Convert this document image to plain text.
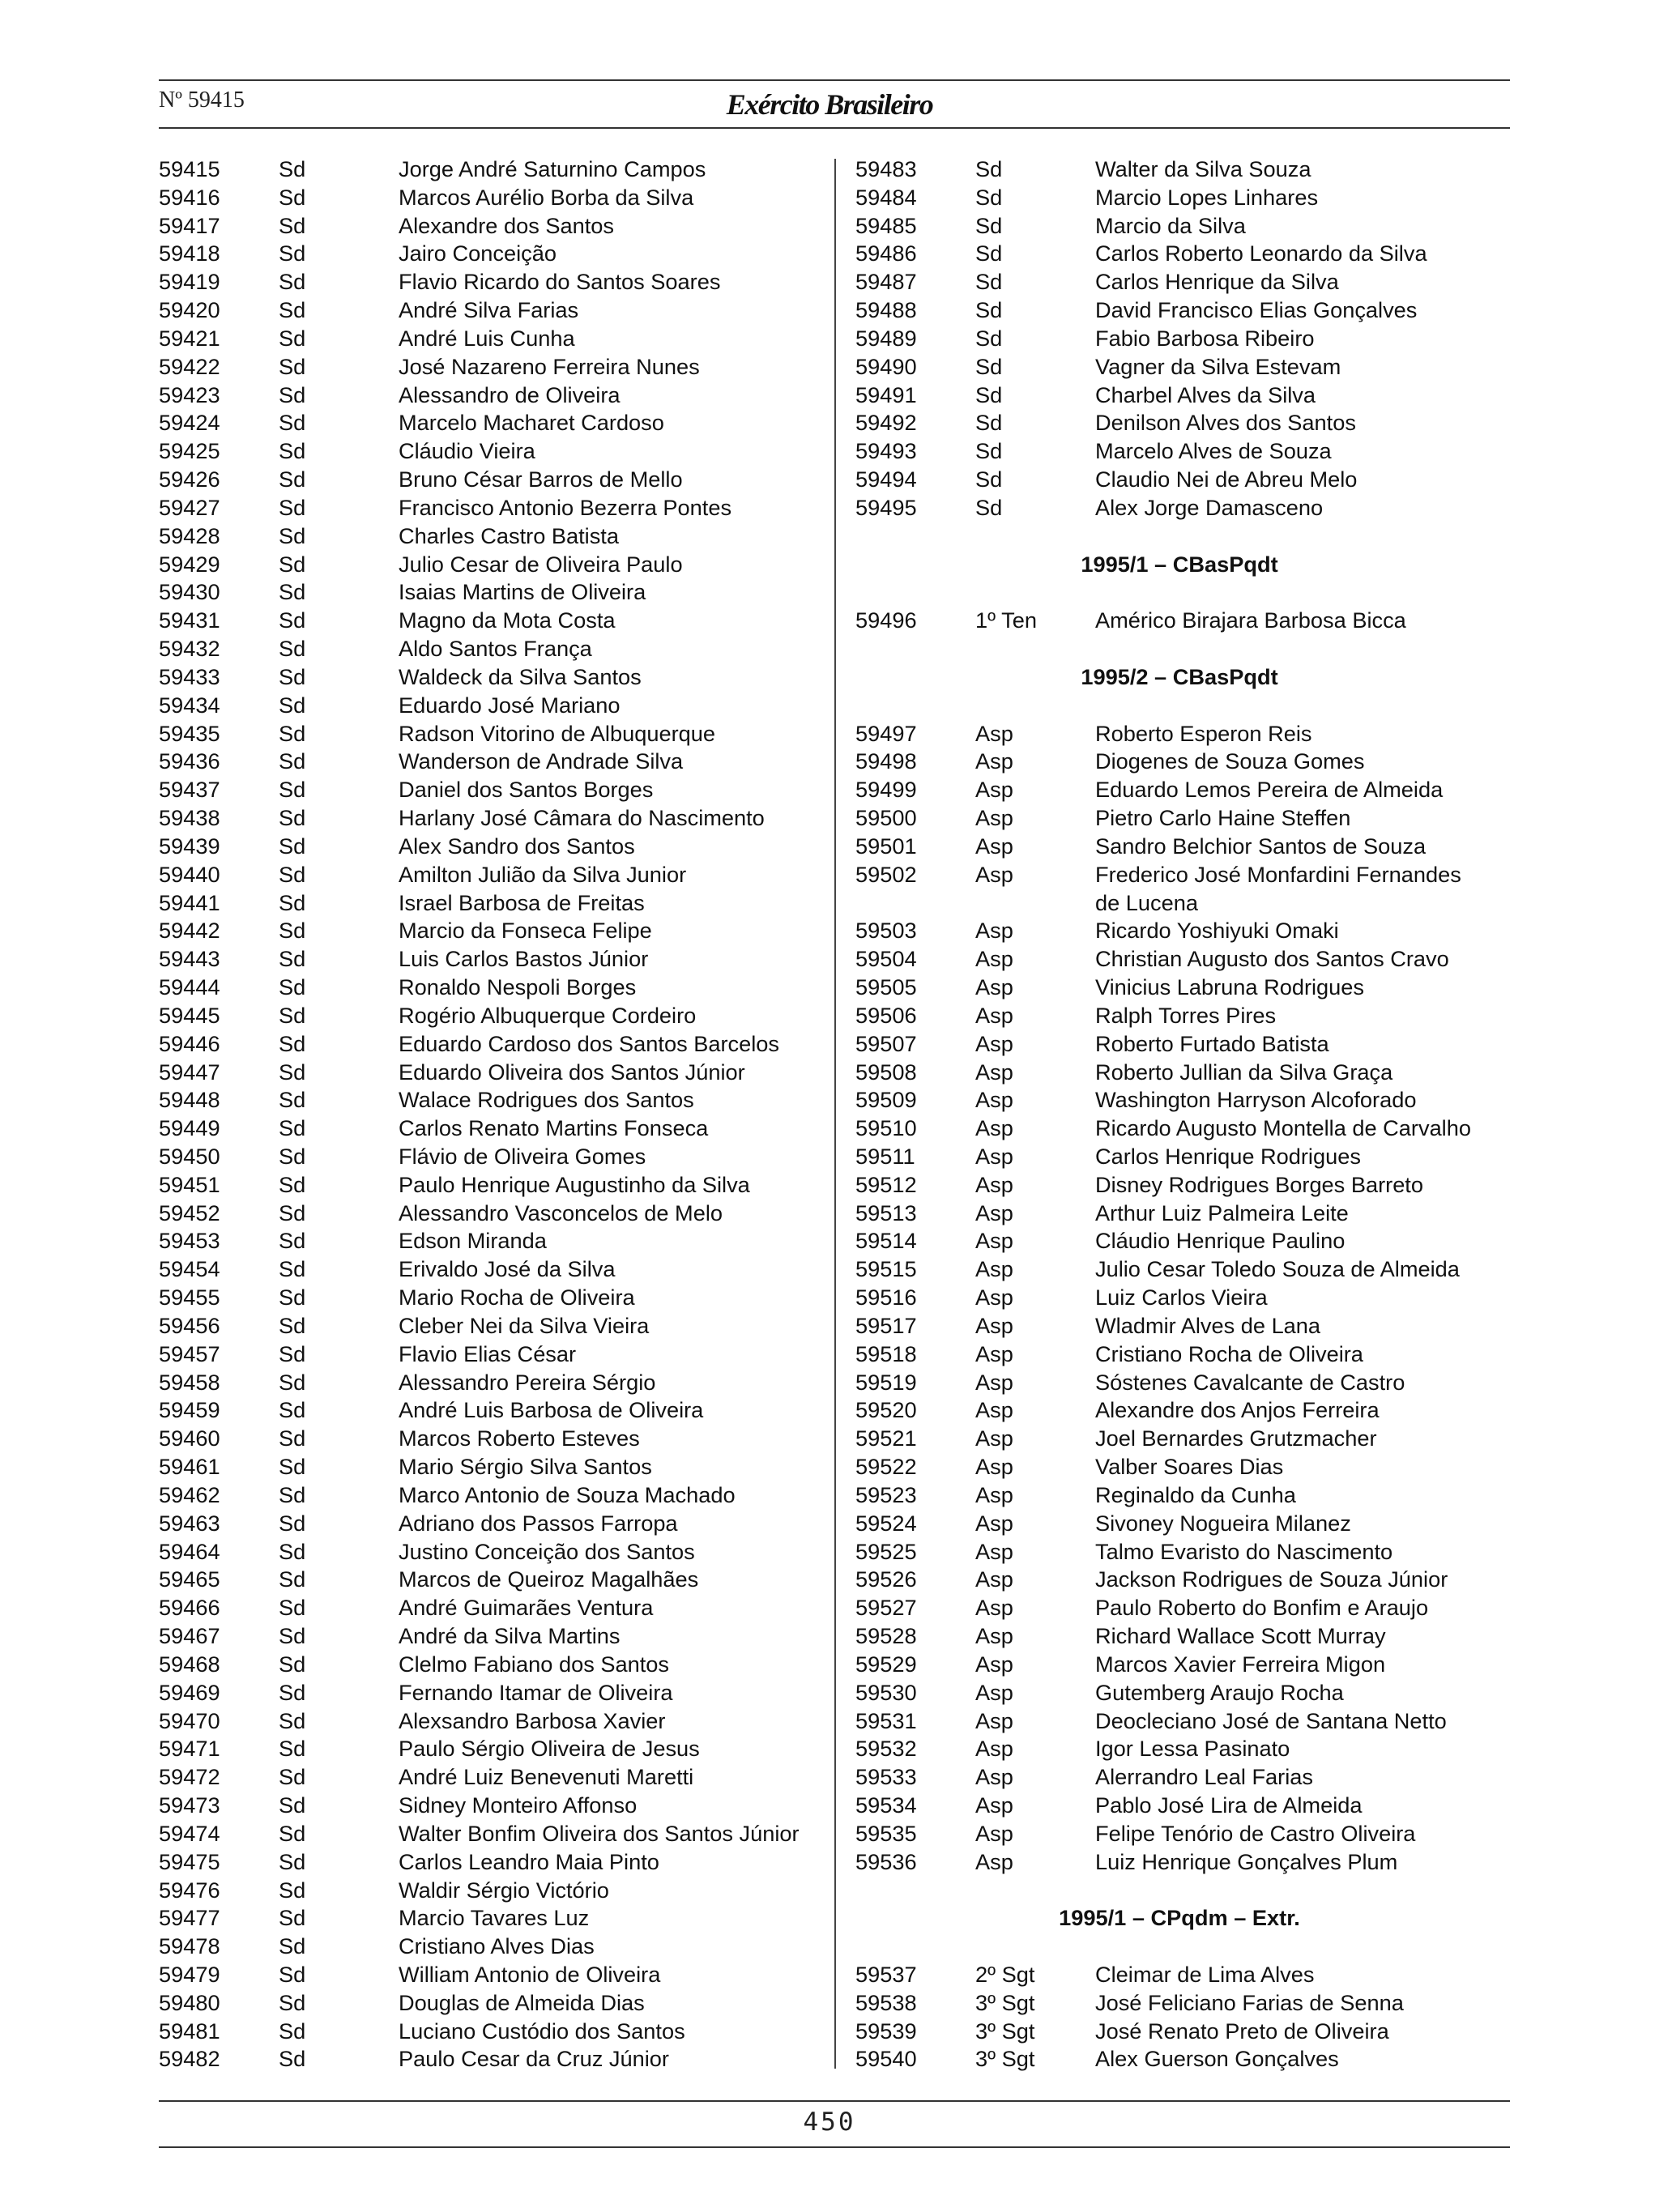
Nº 59415	Exército Brasileiro
59415	Sd	Jorge André Saturnino Campos
59416	Sd	Marcos Aurélio Borba da Silva
59417	Sd	Alexandre dos Santos
59418	Sd	Jairo Conceição
59419	Sd	Flavio Ricardo do Santos Soares
59420	Sd	André Silva Farias
59421	Sd	André Luis Cunha
59422	Sd	José Nazareno Ferreira Nunes
59423	Sd	Alessandro de Oliveira
59424	Sd	Marcelo Macharet Cardoso
59425	Sd	Cláudio Vieira
59426	Sd	Bruno César Barros de Mello
59427	Sd	Francisco Antonio Bezerra Pontes
59428	Sd	Charles Castro Batista
59429	Sd	Julio Cesar de Oliveira Paulo
59430	Sd	Isaias Martins de Oliveira
59431	Sd	Magno da Mota Costa
59432	Sd	Aldo Santos França
59433	Sd	Waldeck da Silva Santos
59434	Sd	Eduardo José Mariano
59435	Sd	Radson Vitorino de Albuquerque
59436	Sd	Wanderson de Andrade Silva
59437	Sd	Daniel dos Santos Borges
59438	Sd	Harlany José Câmara do Nascimento
59439	Sd	Alex Sandro dos Santos
59440	Sd	Amilton Julião da Silva Junior
59441	Sd	Israel Barbosa de Freitas
59442	Sd	Marcio da Fonseca Felipe
59443	Sd	Luis Carlos Bastos Júnior
59444	Sd	Ronaldo Nespoli Borges
59445	Sd	Rogério Albuquerque Cordeiro
59446	Sd	Eduardo Cardoso dos Santos Barcelos
59447	Sd	Eduardo Oliveira dos Santos Júnior
59448	Sd	Walace Rodrigues dos Santos
59449	Sd	Carlos Renato Martins Fonseca
59450	Sd	Flávio de Oliveira Gomes
59451	Sd	Paulo Henrique Augustinho da Silva
59452	Sd	Alessandro Vasconcelos de Melo
59453	Sd	Edson Miranda
59454	Sd	Erivaldo José da Silva
59455	Sd	Mario Rocha de Oliveira
59456	Sd	Cleber Nei da Silva Vieira
59457	Sd	Flavio Elias César
59458	Sd	Alessandro Pereira Sérgio
59459	Sd	André Luis Barbosa de Oliveira
59460	Sd	Marcos Roberto Esteves
59461	Sd	Mario Sérgio Silva Santos
59462	Sd	Marco Antonio de Souza Machado
59463	Sd	Adriano dos Passos Farropa
59464	Sd	Justino Conceição dos Santos
59465	Sd	Marcos de Queiroz Magalhães
59466	Sd	André Guimarães Ventura
59467	Sd	André da Silva Martins
59468	Sd	Clelmo Fabiano dos Santos
59469	Sd	Fernando Itamar de Oliveira
59470	Sd	Alexsandro Barbosa Xavier
59471	Sd	Paulo Sérgio Oliveira de Jesus
59472	Sd	André Luiz Benevenuti Maretti
59473	Sd	Sidney Monteiro Affonso
59474	Sd	Walter Bonfim Oliveira dos Santos Júnior
59475	Sd	Carlos Leandro Maia Pinto
59476	Sd	Waldir Sérgio Victório
59477	Sd	Marcio Tavares Luz
59478	Sd	Cristiano Alves Dias
59479	Sd	William Antonio de Oliveira
59480	Sd	Douglas de Almeida Dias
59481	Sd	Luciano Custódio dos Santos
59482	Sd	Paulo Cesar da Cruz Júnior
59483	Sd	Walter da Silva Souza
59484	Sd	Marcio Lopes Linhares
59485	Sd	Marcio da Silva
59486	Sd	Carlos Roberto Leonardo da Silva
59487	Sd	Carlos Henrique da Silva
59488	Sd	David Francisco Elias Gonçalves
59489	Sd	Fabio Barbosa Ribeiro
59490	Sd	Vagner da Silva Estevam
59491	Sd	Charbel Alves da Silva
59492	Sd	Denilson Alves dos Santos
59493	Sd	Marcelo Alves de Souza
59494	Sd	Claudio Nei de Abreu Melo
59495	Sd	Alex Jorge Damasceno
1995/1 – CBasPqdt
59496	1º Ten	Américo Birajara Barbosa Bicca
1995/2 – CBasPqdt
59497	Asp	Roberto Esperon Reis
59498	Asp	Diogenes de Souza Gomes
59499	Asp	Eduardo Lemos Pereira de Almeida
59500	Asp	Pietro Carlo Haine Steffen
59501	Asp	Sandro Belchior Santos de Souza
59502	Asp	Frederico José Monfardini Fernandes
de Lucena
59503	Asp	Ricardo Yoshiyuki Omaki
59504	Asp	Christian Augusto dos Santos Cravo
59505	Asp	Vinicius Labruna Rodrigues
59506	Asp	Ralph Torres Pires
59507	Asp	Roberto Furtado Batista
59508	Asp	Roberto Jullian da Silva Graça
59509	Asp	Washington Harryson Alcoforado
59510	Asp	Ricardo Augusto Montella de Carvalho
59511	Asp	Carlos Henrique Rodrigues
59512	Asp	Disney Rodrigues Borges Barreto
59513	Asp	Arthur Luiz Palmeira Leite
59514	Asp	Cláudio Henrique Paulino
59515	Asp	Julio Cesar Toledo Souza de Almeida
59516	Asp	Luiz Carlos Vieira
59517	Asp	Wladmir Alves de Lana
59518	Asp	Cristiano Rocha de Oliveira
59519	Asp	Sóstenes Cavalcante de Castro
59520	Asp	Alexandre dos Anjos Ferreira
59521	Asp	Joel Bernardes Grutzmacher
59522	Asp	Valber Soares Dias
59523	Asp	Reginaldo da Cunha
59524	Asp	Sivoney Nogueira Milanez
59525	Asp	Talmo Evaristo do Nascimento
59526	Asp	Jackson Rodrigues de Souza Júnior
59527	Asp	Paulo Roberto do Bonfim e Araujo
59528	Asp	Richard Wallace Scott Murray
59529	Asp	Marcos Xavier Ferreira Migon
59530	Asp	Gutemberg Araujo Rocha
59531	Asp	Deocleciano José de Santana Netto
59532	Asp	Igor Lessa Pasinato
59533	Asp	Alerrandro Leal Farias
59534	Asp	Pablo José Lira de Almeida
59535	Asp	Felipe Tenório de Castro Oliveira
59536	Asp	Luiz Henrique Gonçalves Plum
1995/1 – CPqdm – Extr.
59537	2º Sgt	Cleimar de Lima Alves
59538	3º Sgt	José Feliciano Farias de Senna
59539	3º Sgt	José Renato Preto de Oliveira
59540	3º Sgt	Alex Guerson Gonçalves
450
